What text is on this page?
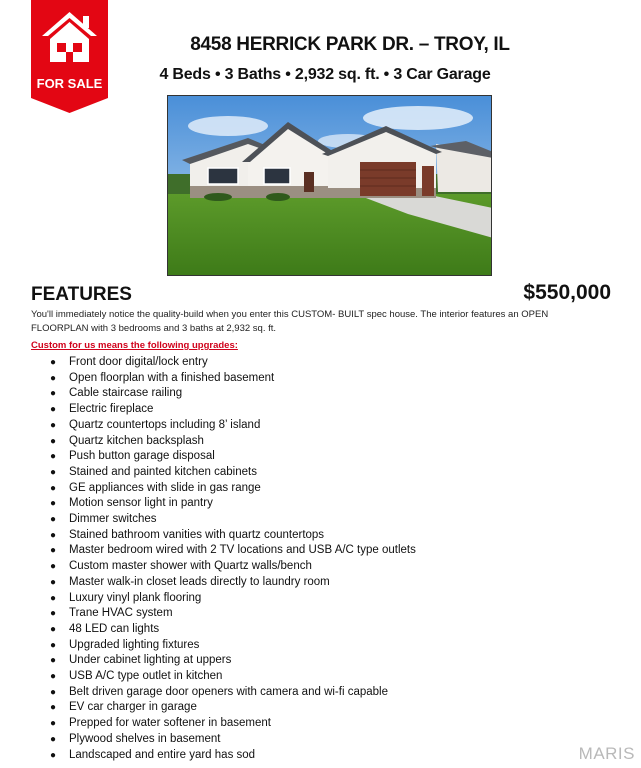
FOR SALE
8458 HERRICK PARK DR. – TROY, IL
4 Beds • 3 Baths • 2,932 sq. ft. • 3 Car Garage
FEATURES	$550,000
You'll immediately notice the quality-build when you enter this CUSTOM- BUILT spec house. The interior features an OPEN FLOORPLAN with 3 bedrooms and 3 baths at 2,932 sq. ft.
Custom for us means the following upgrades:
● Front door digital/lock entry
● Open floorplan with a finished basement
● Cable staircase railing
● Electric fireplace
● Quartz countertops including 8’ island
● Quartz kitchen backsplash
● Push button garage disposal
● Stained and painted kitchen cabinets
● GE appliances with slide in gas range
● Motion sensor light in pantry
● Dimmer switches
● Stained bathroom vanities with quartz countertops
● Master bedroom wired with 2 TV locations and USB A/C type outlets
● Custom master shower with Quartz walls/bench
● Master walk-in closet leads directly to laundry room
● Luxury vinyl plank flooring
● Trane HVAC system
● 48 LED can lights
● Upgraded lighting fixtures
● Under cabinet lighting at uppers
● USB A/C type outlet in kitchen
● Belt driven garage door openers with camera and wi-fi capable
● EV car charger in garage
● Prepped for water softener in basement
● Plywood shelves in basement
● Landscaped and entire yard has sod	MARIS
